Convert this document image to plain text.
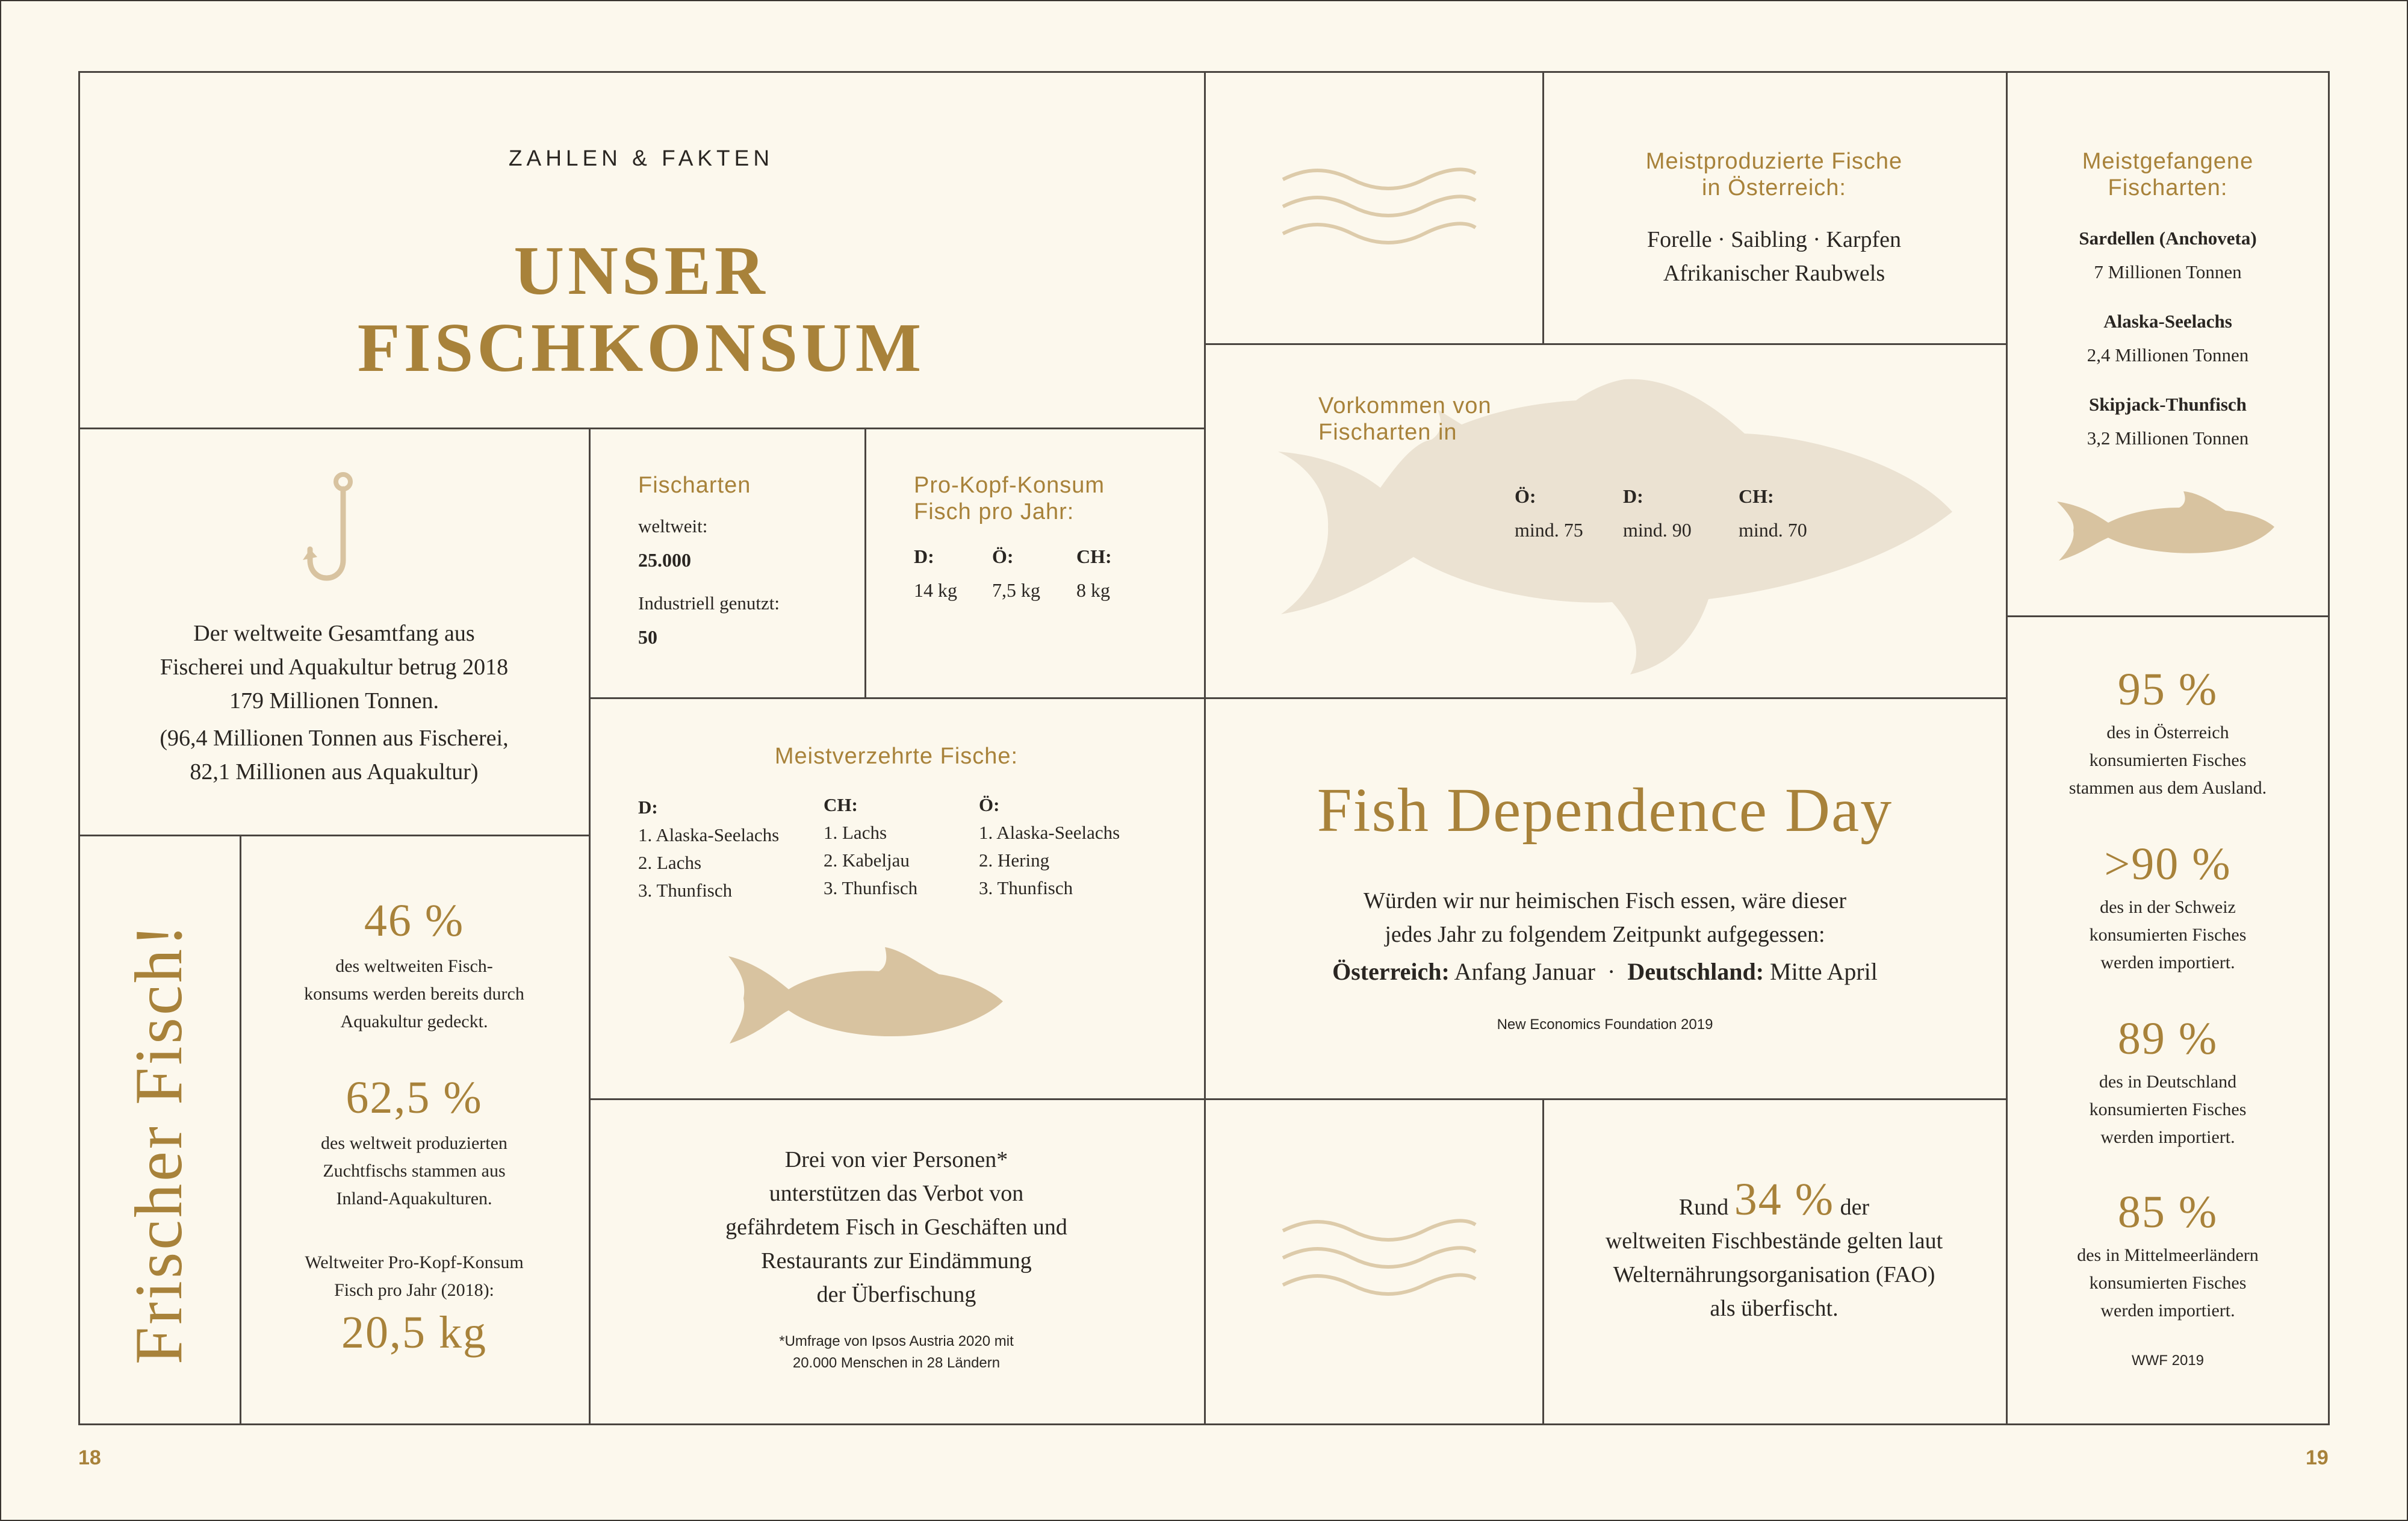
ZAHLEN & FAKTEN
UNSER
FISCHKONSUM
Der weltweite Gesamtfang aus
Fischerei und Aquakultur betrug 2018
179 Millionen Tonnen.
(96,4 Millionen Tonnen aus Fischerei,
82,1 Millionen aus Aquakultur)
Fischarten
weltweit:
25.000
Industriell genutzt:
50
Pro-Kopf-Konsum
Fisch pro Jahr:
D:	Ö:	CH:
14 kg 7,5 kg 8 kg
Frischer Fisch!
46 %
des weltweiten Fisch-
konsums werden bereits durch
Aquakultur gedeckt.
62,5 %
des weltweit produzierten
Zuchtfischs stammen aus
Inland-Aquakulturen.
Weltweiter Pro-Kopf-Konsum
Fisch pro Jahr (2018):
20,5 kg
Meistverzehrte Fische:
D:
1. Alaska-Seelachs
2. Lachs
3. Thunfisch
CH:
1. Lachs
2. Kabeljau
3. Thunfisch
Ö:
1. Alaska-Seelachs
2. Hering
3. Thunfisch
Drei von vier Personen*
unterstützen das Verbot von
gefährdetem Fisch in Geschäften und
Restaurants zur Eindämmung
der Überfischung
*Umfrage von Ipsos Austria 2020 mit
20.000 Menschen in 28 Ländern
Meistproduzierte Fische
in Österreich:
Forelle · Saibling · Karpfen
Afrikanischer Raubwels
Vorkommen von
Fischarten in
Ö:	D:	CH:
mind. 75 mind. 90 mind. 70
Fish Dependence Day
Würden wir nur heimischen Fisch essen, wäre dieser
jedes Jahr zu folgendem Zeitpunkt aufgegessen:
Österreich: Anfang Januar · Deutschland: Mitte April
New Economics Foundation 2019
Rund 34 % der
weltweiten Fischbestände gelten laut
Welternährungsorganisation (FAO)
als überfischt.
Meistgefangene
Fischarten:
Sardellen (Anchoveta)
7 Millionen Tonnen
Alaska-Seelachs
2,4 Millionen Tonnen
Skipjack-Thunfisch
3,2 Millionen Tonnen
95 %
des in Österreich
konsumierten Fisches
stammen aus dem Ausland.
>90 %
des in der Schweiz
konsumierten Fisches
werden importiert.
89 %
des in Deutschland
konsumierten Fisches
werden importiert.
85 %
des in Mittelmeerländern
konsumierten Fisches
werden importiert.
WWF 2019
18	19
